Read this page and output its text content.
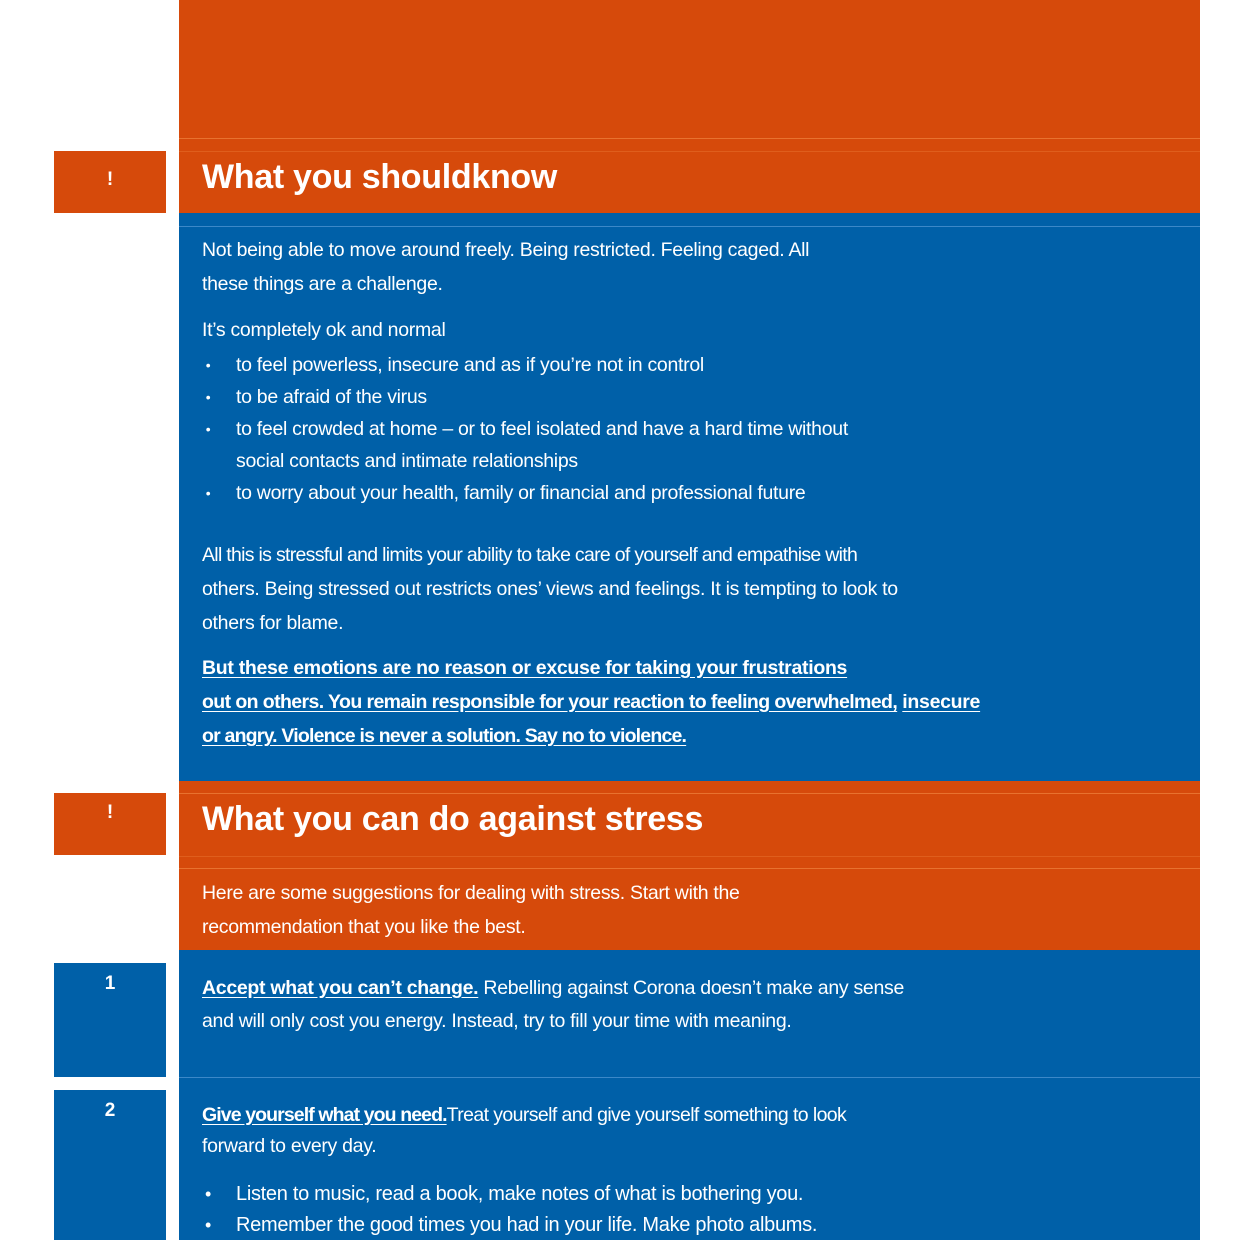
!	What you shouldknow
Not being able to move around freely. Being restricted. Feeling caged. All
these things are a challenge.
It’s completely ok and normal
• to feel powerless, insecure and as if you’re not in control
• to be afraid of the virus
• to feel crowded at home – or to feel isolated and have a hard time without
social contacts and intimate relationships
• to worry about your health, family or financial and professional future
All this is stressful and limits your ability to take care of yourself and empathise with
others. Being stressed out restricts ones’ views and feelings. It is tempting to look to
others for blame.
But these emotions are no reason or excuse for taking your frustrations
out on others. You remain responsible for your reaction to feeling overwhelmed, insecure
or angry. Violence is never a solution. Say no to violence.
!	What you can do against stress
Here are some suggestions for dealing with stress. Start with the
recommendation that you like the best.
1	Accept what you can’t change. Rebelling against Corona doesn’t make any sense
and will only cost you energy. Instead, try to fill your time with meaning.
2	Give yourself what you need.Treat yourself and give yourself something to look
forward to every day.
• Listen to music, read a book, make notes of what is bothering you.
• Remember the good times you had in your life. Make photo albums.
